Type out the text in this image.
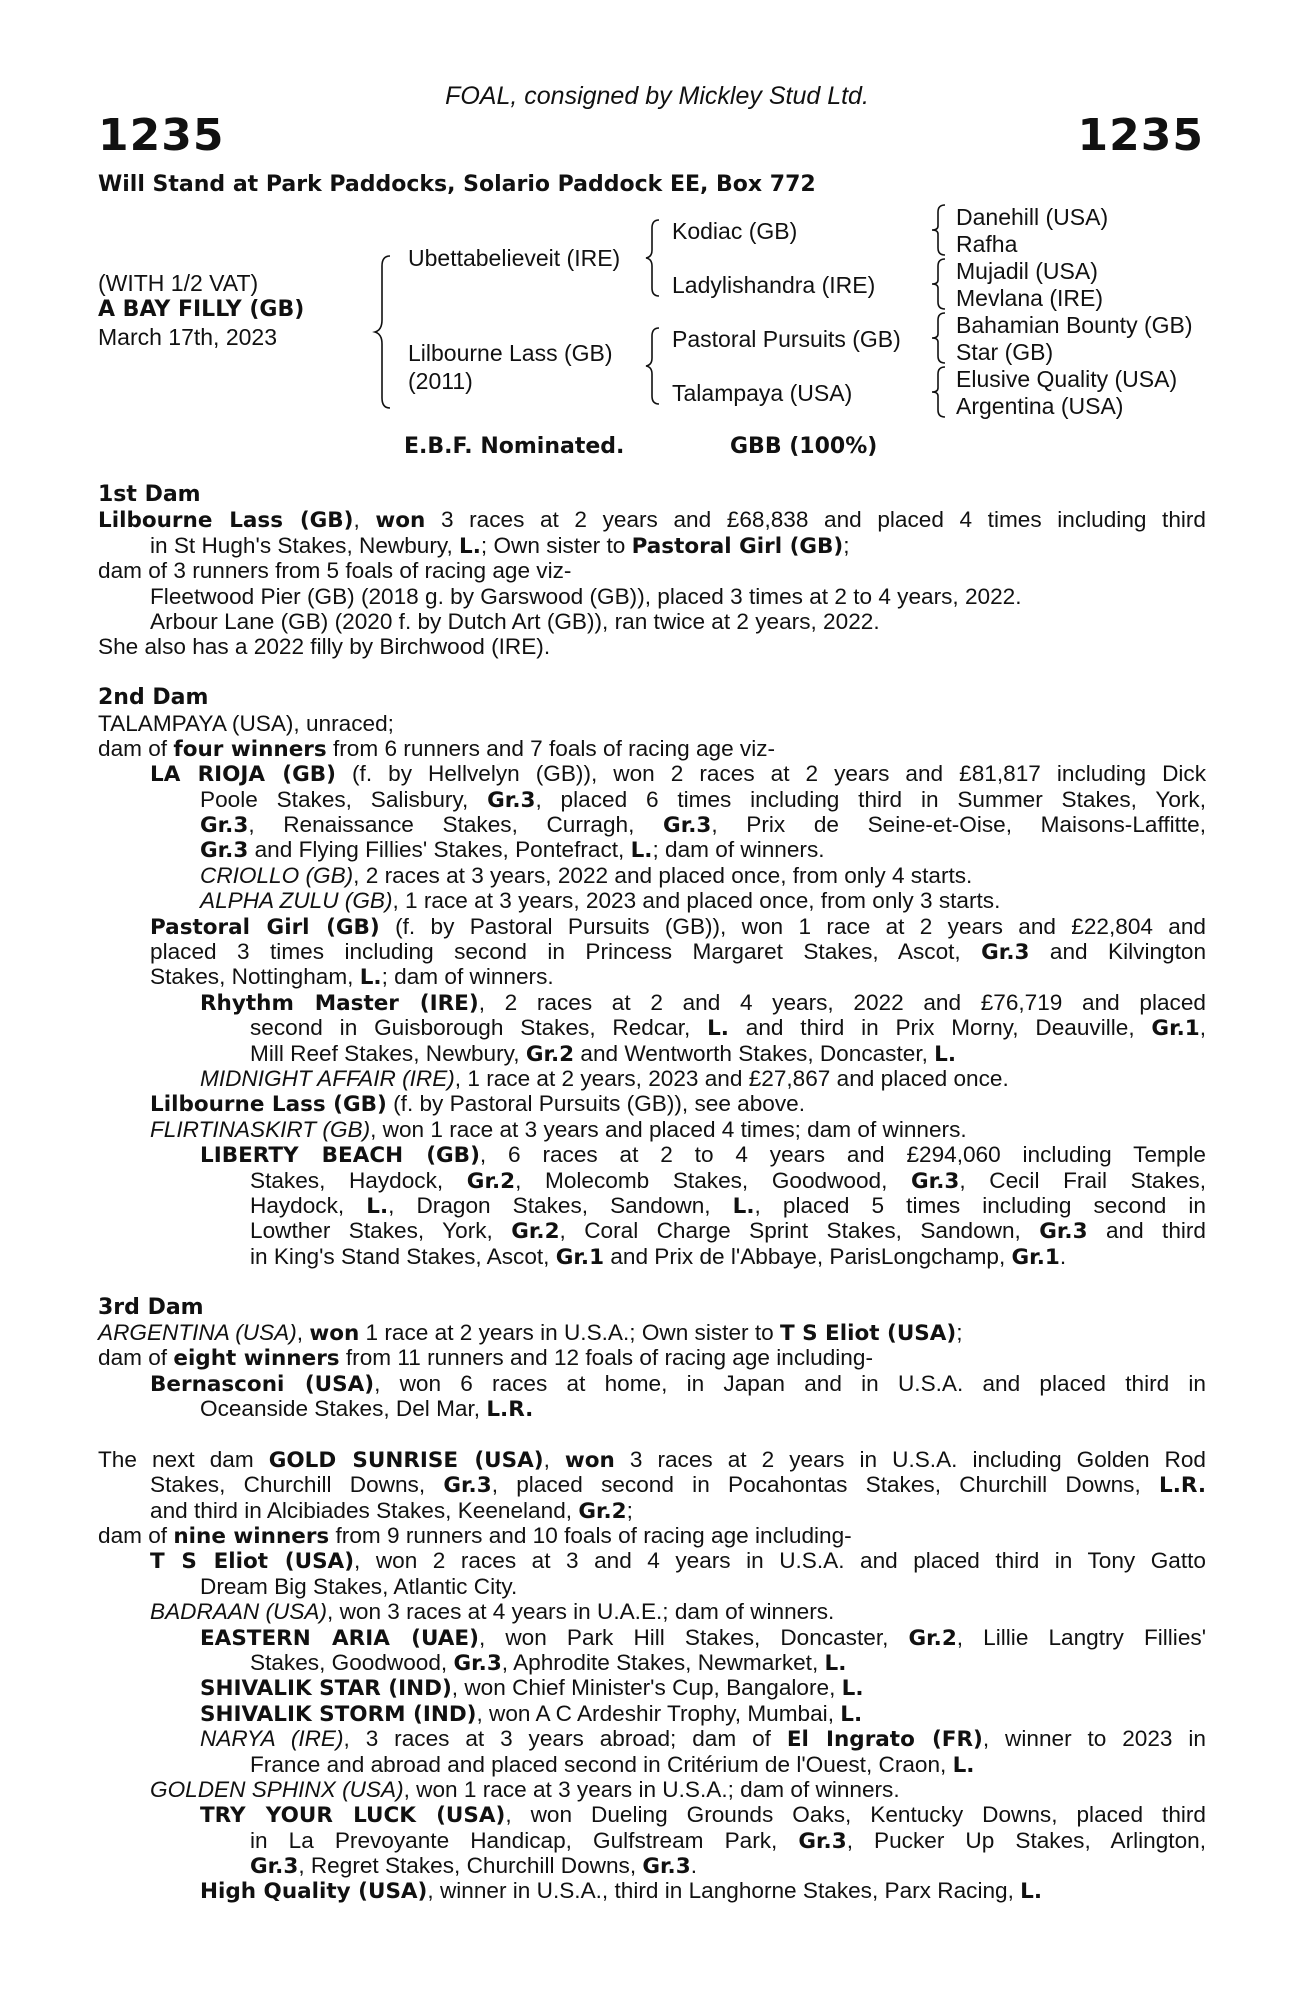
FOAL, consigned by Mickley Stud Ltd.
1235	1235
Will Stand at Park Paddocks, Solario Paddock EE, Box 772
(WITH 1/2 VAT)
A BAY FILLY (GB)
March 17th, 2023
Ubettabelieveit (IRE)
Lilbourne Lass (GB)
(2011)
Kodiac (GB)
Ladylishandra (IRE)
Pastoral Pursuits (GB)
Talampaya (USA)
Danehill (USA)
Rafha
Mujadil (USA)
Mevlana (IRE)
Bahamian Bounty (GB)
Star (GB)
Elusive Quality (USA)
Argentina (USA)
E.B.F. Nominated.	GBB (100%)
1st Dam
Lilbourne Lass (GB), won 3 races at 2 years and £68,838 and placed 4 times including third
in St Hugh's Stakes, Newbury, L.; Own sister to Pastoral Girl (GB);
dam of 3 runners from 5 foals of racing age viz-
Fleetwood Pier (GB) (2018 g. by Garswood (GB)), placed 3 times at 2 to 4 years, 2022.
Arbour Lane (GB) (2020 f. by Dutch Art (GB)), ran twice at 2 years, 2022.
She also has a 2022 filly by Birchwood (IRE).
2nd Dam
TALAMPAYA (USA), unraced;
dam of four winners from 6 runners and 7 foals of racing age viz-
LA RIOJA (GB) (f. by Hellvelyn (GB)), won 2 races at 2 years and £81,817 including Dick
Poole Stakes, Salisbury, Gr.3, placed 6 times including third in Summer Stakes, York,
Gr.3, Renaissance Stakes, Curragh, Gr.3, Prix de Seine-et-Oise, Maisons-Laffitte,
Gr.3 and Flying Fillies' Stakes, Pontefract, L.; dam of winners.
CRIOLLO (GB), 2 races at 3 years, 2022 and placed once, from only 4 starts.
ALPHA ZULU (GB), 1 race at 3 years, 2023 and placed once, from only 3 starts.
Pastoral Girl (GB) (f. by Pastoral Pursuits (GB)), won 1 race at 2 years and £22,804 and
placed 3 times including second in Princess Margaret Stakes, Ascot, Gr.3 and Kilvington
Stakes, Nottingham, L.; dam of winners.
Rhythm Master (IRE), 2 races at 2 and 4 years, 2022 and £76,719 and placed
second in Guisborough Stakes, Redcar, L. and third in Prix Morny, Deauville, Gr.1,
Mill Reef Stakes, Newbury, Gr.2 and Wentworth Stakes, Doncaster, L.
MIDNIGHT AFFAIR (IRE), 1 race at 2 years, 2023 and £27,867 and placed once.
Lilbourne Lass (GB) (f. by Pastoral Pursuits (GB)), see above.
FLIRTINASKIRT (GB), won 1 race at 3 years and placed 4 times; dam of winners.
LIBERTY BEACH (GB), 6 races at 2 to 4 years and £294,060 including Temple
Stakes, Haydock, Gr.2, Molecomb Stakes, Goodwood, Gr.3, Cecil Frail Stakes,
Haydock, L., Dragon Stakes, Sandown, L., placed 5 times including second in
Lowther Stakes, York, Gr.2, Coral Charge Sprint Stakes, Sandown, Gr.3 and third
in King's Stand Stakes, Ascot, Gr.1 and Prix de l'Abbaye, ParisLongchamp, Gr.1.
3rd Dam
ARGENTINA (USA), won 1 race at 2 years in U.S.A.; Own sister to T S Eliot (USA);
dam of eight winners from 11 runners and 12 foals of racing age including-
Bernasconi (USA), won 6 races at home, in Japan and in U.S.A. and placed third in
Oceanside Stakes, Del Mar, L.R.
The next dam GOLD SUNRISE (USA), won 3 races at 2 years in U.S.A. including Golden Rod
Stakes, Churchill Downs, Gr.3, placed second in Pocahontas Stakes, Churchill Downs, L.R.
and third in Alcibiades Stakes, Keeneland, Gr.2;
dam of nine winners from 9 runners and 10 foals of racing age including-
T S Eliot (USA), won 2 races at 3 and 4 years in U.S.A. and placed third in Tony Gatto
Dream Big Stakes, Atlantic City.
BADRAAN (USA), won 3 races at 4 years in U.A.E.; dam of winners.
EASTERN ARIA (UAE), won Park Hill Stakes, Doncaster, Gr.2, Lillie Langtry Fillies'
Stakes, Goodwood, Gr.3, Aphrodite Stakes, Newmarket, L.
SHIVALIK STAR (IND), won Chief Minister's Cup, Bangalore, L.
SHIVALIK STORM (IND), won A C Ardeshir Trophy, Mumbai, L.
NARYA (IRE), 3 races at 3 years abroad; dam of El Ingrato (FR), winner to 2023 in
France and abroad and placed second in Critérium de l'Ouest, Craon, L.
GOLDEN SPHINX (USA), won 1 race at 3 years in U.S.A.; dam of winners.
TRY YOUR LUCK (USA), won Dueling Grounds Oaks, Kentucky Downs, placed third
in La Prevoyante Handicap, Gulfstream Park, Gr.3, Pucker Up Stakes, Arlington,
Gr.3, Regret Stakes, Churchill Downs, Gr.3.
High Quality (USA), winner in U.S.A., third in Langhorne Stakes, Parx Racing, L.
